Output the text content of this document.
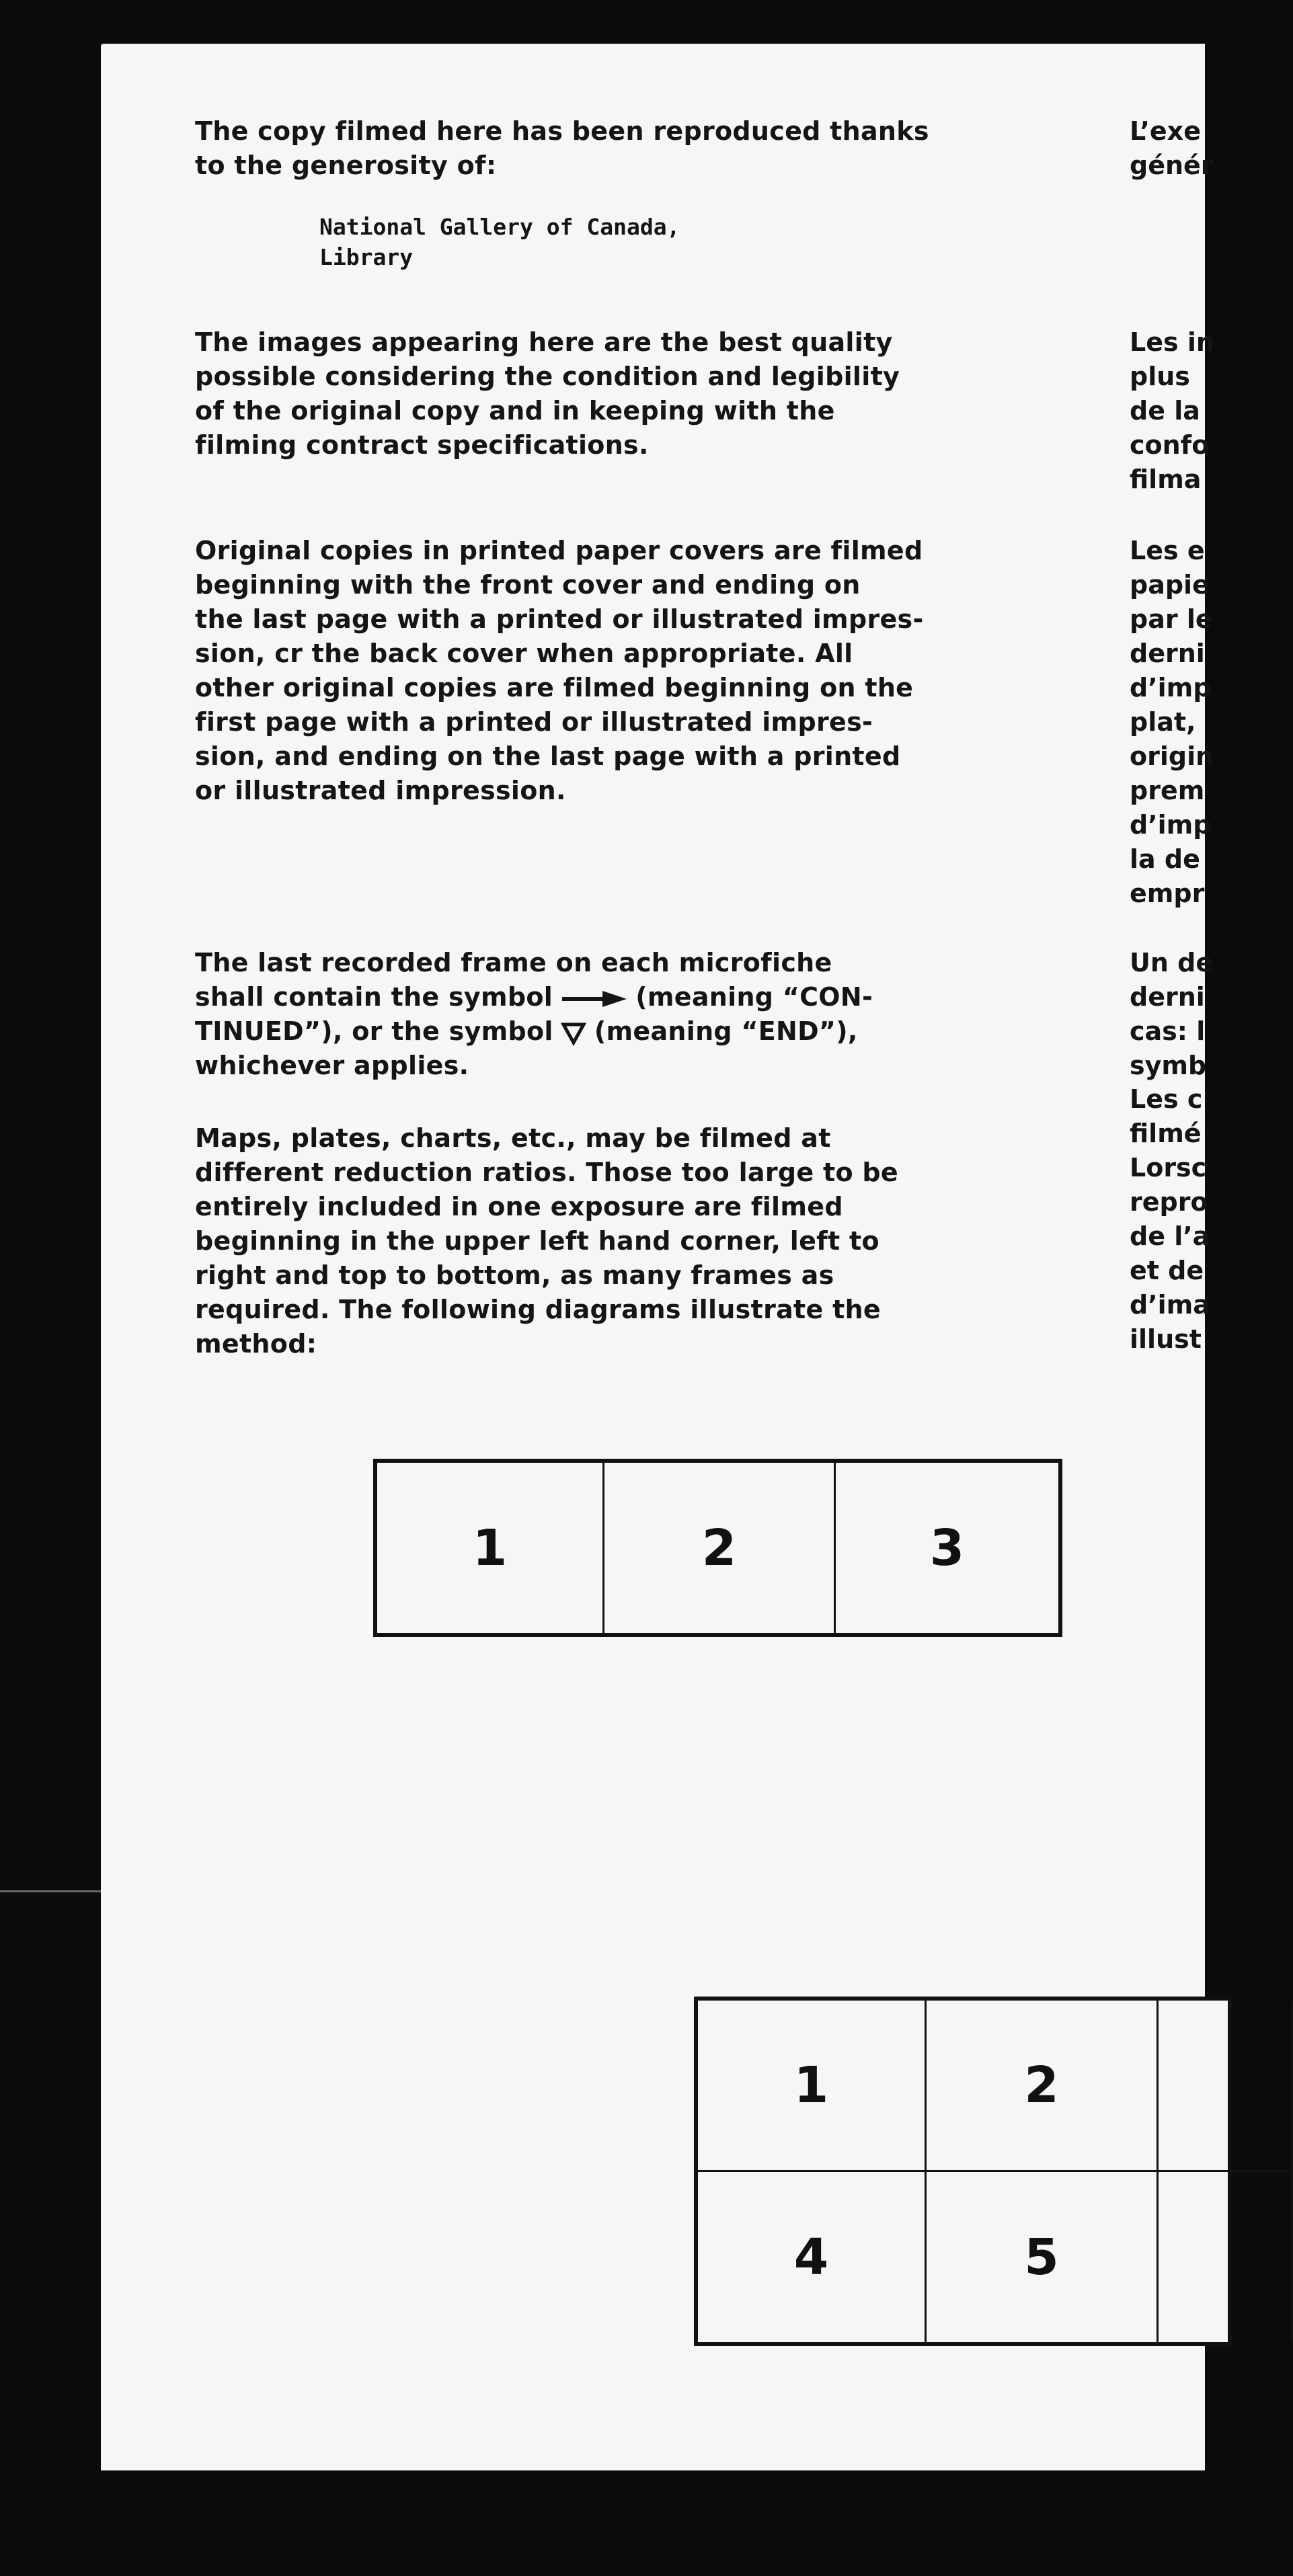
The copy filmed here has been reproduced thanks
to the generosity of:

National Gallery of Canada,
Library

The images appearing here are the best quality
possible considering the condition and legibility
of the original copy and in keeping with the
filming contract specifications.

Original copies in printed paper covers are filmed
beginning with the front cover and ending on
the last page with a printed or illustrated impres-
sion, cr the back cover when appropriate. All
other original copies are filmed beginning on the
first page with a printed or illustrated impres-
sion, and ending on the last page with a printed
or illustrated impression.

The last recorded frame on each microfiche
shall contain the symbol	(meaning “CON-
TINUED”), or the symbol (meaning “END”),
whichever applies.

Maps, plates, charts, etc., may be filmed at
different reduction ratios. Those too large to be
entirely included in one exposure are filmed
beginning in the upper left hand corner, left to
right and top to bottom, as many frames as
required. The following diagrams illustrate the
method:

L’exe
génér

Les in
plus
de la
confo
filma

Les e
papie
par le
derni
d’imp
plat,
origin
prem
d’imp
la de
empr

Un de
derni
cas: l
symb

Les c
filmé
Lorsc
repro
de l’a
et de
d’ima
illust

1	2	3
1	2
4	5
